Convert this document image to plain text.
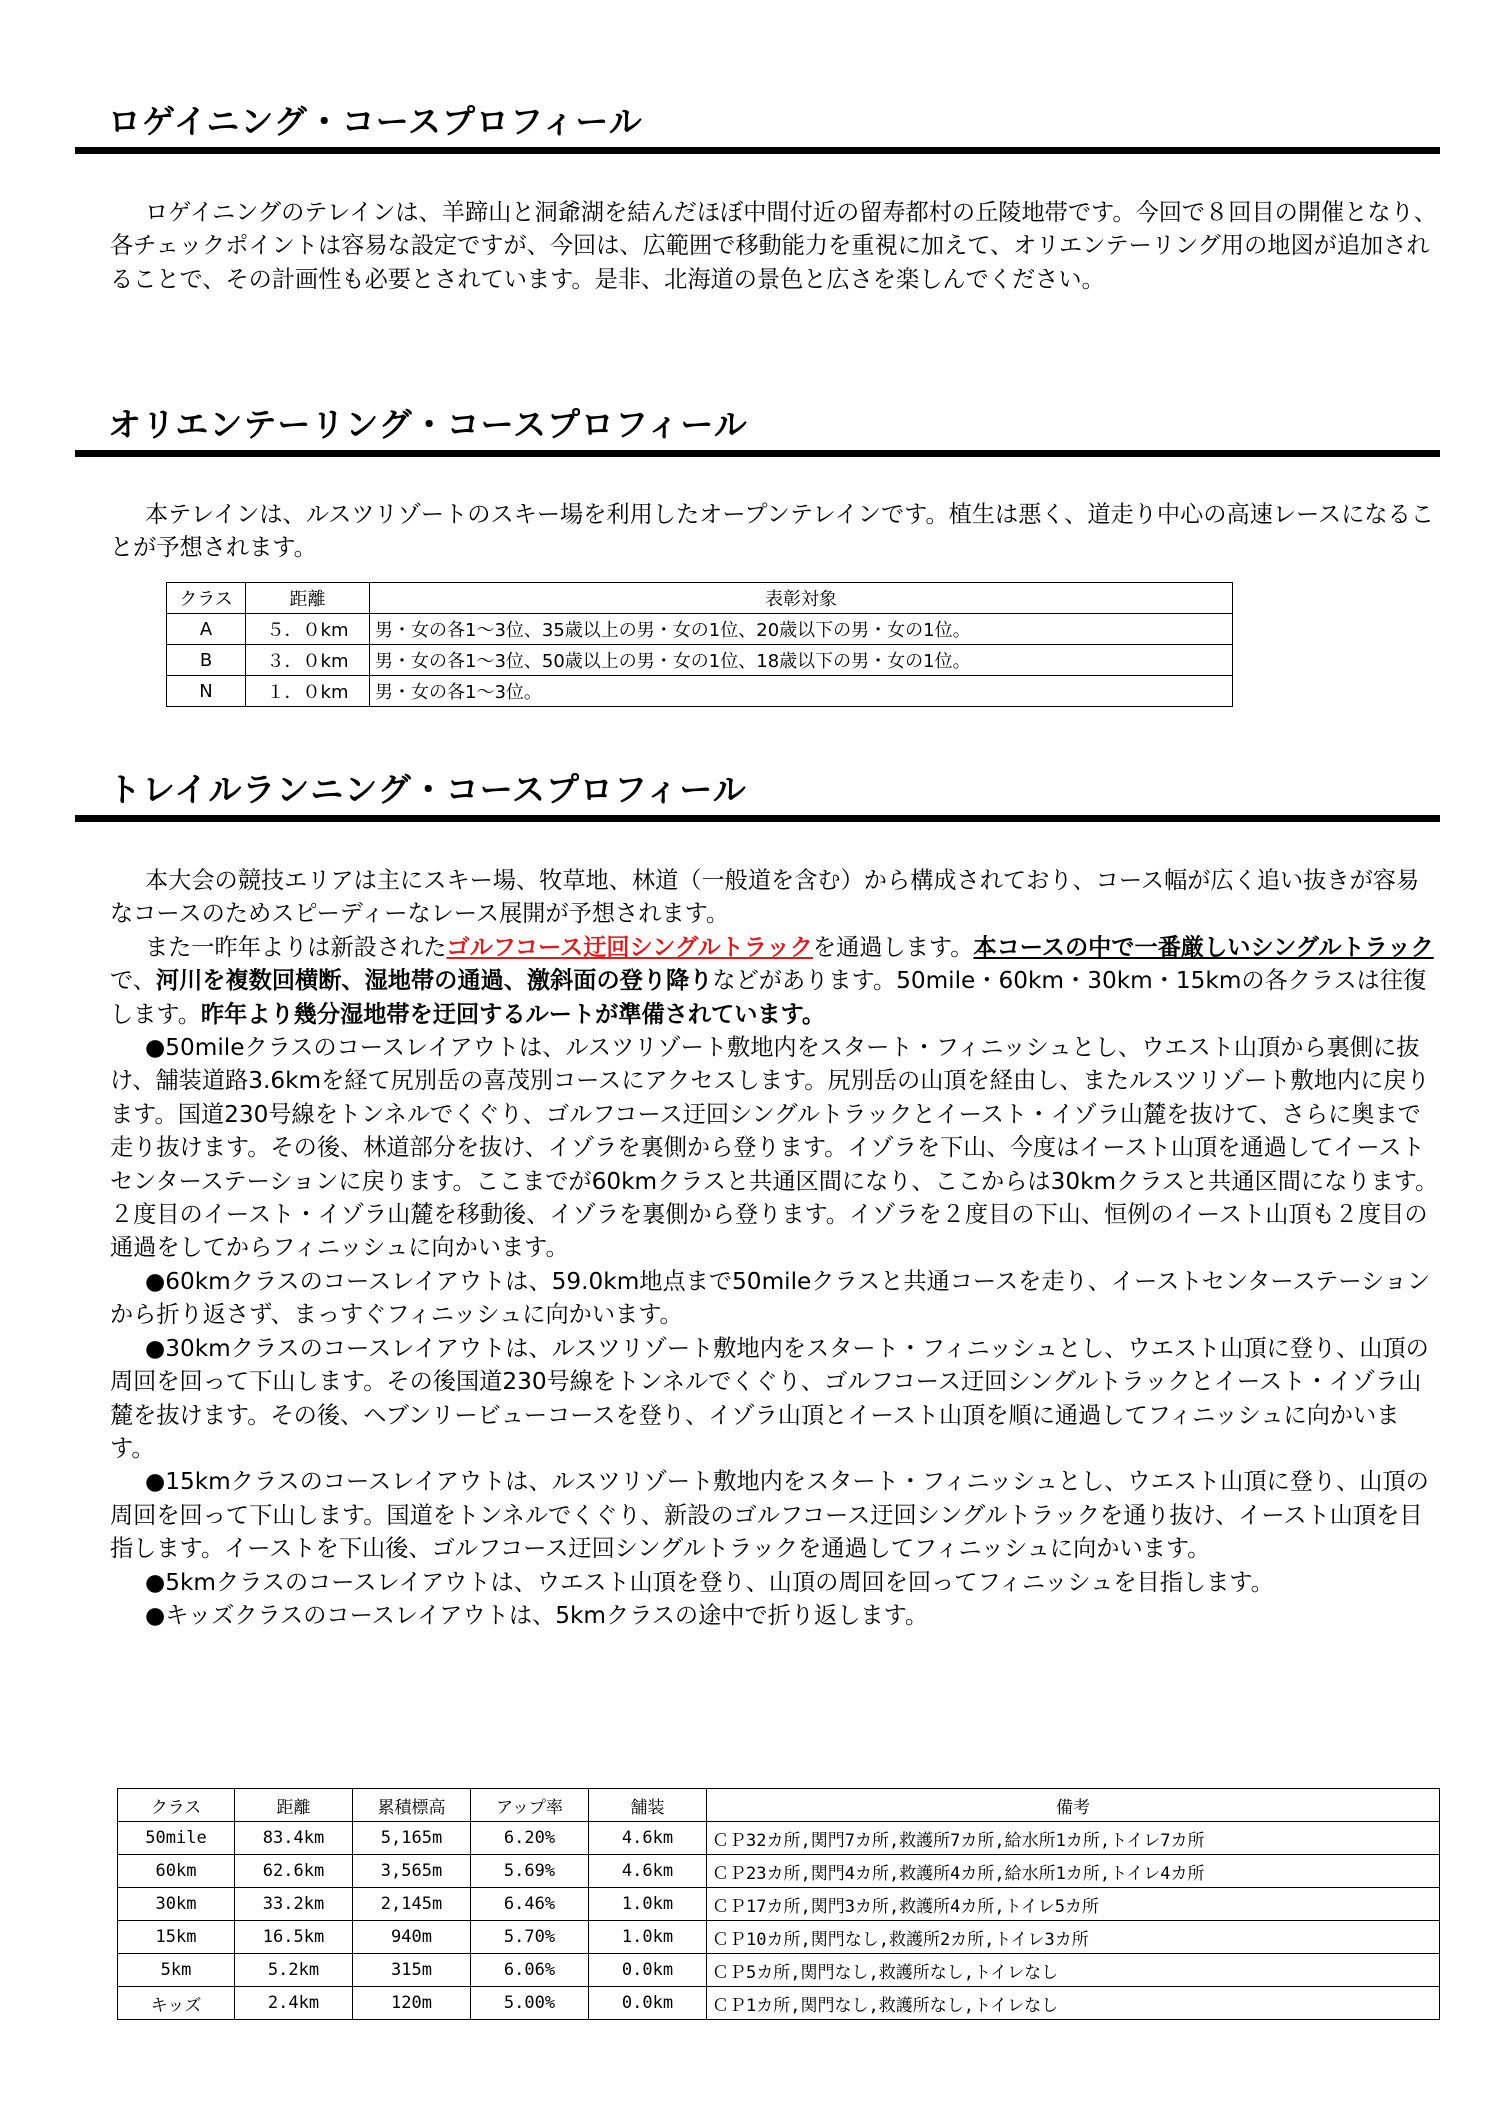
ロゲイニング・コースプロフィール

ロゲイニングのテレインは、羊蹄山と洞爺湖を結んだほぼ中間付近の留寿都村の丘陵地帯です。今回で８回目の開催となり、各チェックポイントは容易な設定ですが、今回は、広範囲で移動能力を重視に加えて、オリエンテーリング用の地図が追加されることで、その計画性も必要とされています。是非、北海道の景色と広さを楽しんでください。

オリエンテーリング・コースプロフィール

本テレインは、ルスツリゾートのスキー場を利用したオープンテレインです。植生は悪く、道走り中心の高速レースになることが予想されます。

クラス	距離	表彰対象
A	５．０km	男・女の各1～3位、35歳以上の男・女の1位、20歳以下の男・女の1位。
B	３．０km	男・女の各1～3位、50歳以上の男・女の1位、18歳以下の男・女の1位。
N	１．０km	男・女の各1～3位。
トレイルランニング・コースプロフィール

本大会の競技エリアは主にスキー場、牧草地、林道（一般道を含む）から構成されており、コース幅が広く追い抜きが容易なコースのためスピーディーなレース展開が予想されます。

また一昨年よりは新設されたゴルフコース迂回シングルトラックを通過します。本コースの中で一番厳しいシングルトラックで、河川を複数回横断、湿地帯の通過、激斜面の登り降りなどがあります。50mile・60km・30km・15kmの各クラスは往復します。昨年より幾分湿地帯を迂回するルートが準備されています。

●50mileクラスのコースレイアウトは、ルスツリゾート敷地内をスタート・フィニッシュとし、ウエスト山頂から裏側に抜け、舗装道路3.6kmを経て尻別岳の喜茂別コースにアクセスします。尻別岳の山頂を経由し、またルスツリゾート敷地内に戻ります。国道230号線をトンネルでくぐり、ゴルフコース迂回シングルトラックとイースト・イゾラ山麓を抜けて、さらに奥まで走り抜けます。その後、林道部分を抜け、イゾラを裏側から登ります。イゾラを下山、今度はイースト山頂を通過してイーストセンターステーションに戻ります。ここまでが60kmクラスと共通区間になり、ここからは30kmクラスと共通区間になります。２度目のイースト・イゾラ山麓を移動後、イゾラを裏側から登ります。イゾラを２度目の下山、恒例のイースト山頂も２度目の通過をしてからフィニッシュに向かいます。

●60kmクラスのコースレイアウトは、59.0km地点まで50mileクラスと共通コースを走り、イーストセンターステーションから折り返さず、まっすぐフィニッシュに向かいます。

●30kmクラスのコースレイアウトは、ルスツリゾート敷地内をスタート・フィニッシュとし、ウエスト山頂に登り、山頂の周回を回って下山します。その後国道230号線をトンネルでくぐり、ゴルフコース迂回シングルトラックとイースト・イゾラ山麓を抜けます。その後、ヘブンリービューコースを登り、イゾラ山頂とイースト山頂を順に通過してフィニッシュに向かいます。

●15kmクラスのコースレイアウトは、ルスツリゾート敷地内をスタート・フィニッシュとし、ウエスト山頂に登り、山頂の周回を回って下山します。国道をトンネルでくぐり、新設のゴルフコース迂回シングルトラックを通り抜け、イースト山頂を目指します。イーストを下山後、ゴルフコース迂回シングルトラックを通過してフィニッシュに向かいます。

●5kmクラスのコースレイアウトは、ウエスト山頂を登り、山頂の周回を回ってフィニッシュを目指します。

●キッズクラスのコースレイアウトは、5kmクラスの途中で折り返します。

クラス	距離	累積標高	アップ率	舗装	備考
50mile	83.4km	5,165m	6.20%	4.6km	ＣＰ32カ所,関門7カ所,救護所7カ所,給水所1カ所,トイレ7カ所
60km	62.6km	3,565m	5.69%	4.6km	ＣＰ23カ所,関門4カ所,救護所4カ所,給水所1カ所,トイレ4カ所
30km	33.2km	2,145m	6.46%	1.0km	ＣＰ17カ所,関門3カ所,救護所4カ所,トイレ5カ所
15km	16.5km	940m	5.70%	1.0km	ＣＰ10カ所,関門なし,救護所2カ所,トイレ3カ所
5km	5.2km	315m	6.06%	0.0km	ＣＰ5カ所,関門なし,救護所なし,トイレなし
キッズ	2.4km	120m	5.00%	0.0km	ＣＰ1カ所,関門なし,救護所なし,トイレなし
